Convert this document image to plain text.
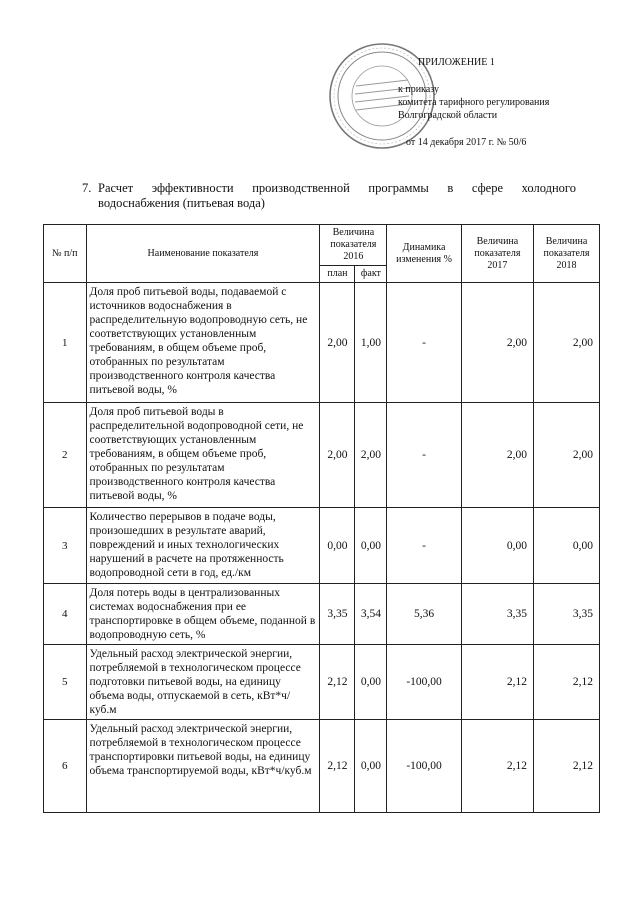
ПРИЛОЖЕНИЕ 1
к приказу
комитета тарифного регулирования
Волгоградской области
от 14 декабря 2017 г. № 50/6
7. Расчет эффективности производственной программы в сфере холодного
водоснабжения (питьевая вода)
№ п/п	Наименование показателя	Величина показателя 2016		Динамика изменения %	Величина показателя 2017	Величина показателя 2018
		план	факт			
1	Доля проб питьевой воды, подаваемой с источников водоснабжения в распределительную водопроводную сеть, не соответствующих установленным требованиям, в общем объеме проб, отобранных по результатам производственного контроля качества питьевой воды, %	2,00	1,00	-	2,00	2,00
2	Доля проб питьевой воды в распределительной водопроводной сети, не соответствующих установленным требованиям, в общем объеме проб, отобранных по результатам производственного контроля качества питьевой воды, %	2,00	2,00	-	2,00	2,00
3	Количество перерывов в подаче воды, произошедших в результате аварий, повреждений и иных технологических нарушений в расчете на протяженность водопроводной сети в год, ед./км	0,00	0,00	-	0,00	0,00
4	Доля потерь воды в централизованных системах водоснабжения при ее транспортировке в общем объеме, поданной в водопроводную сеть, %	3,35	3,54	5,36	3,35	3,35
5	Удельный расход электрической энергии, потребляемой в технологическом процессе подготовки питьевой воды, на единицу объема воды, отпускаемой в сеть, кВт*ч/куб.м	2,12	0,00	-100,00	2,12	2,12
6	Удельный расход электрической энергии, потребляемой в технологическом процессе транспортировки питьевой воды, на единицу объема транспортируемой воды, кВт*ч/куб.м	2,12	0,00	-100,00	2,12	2,12
